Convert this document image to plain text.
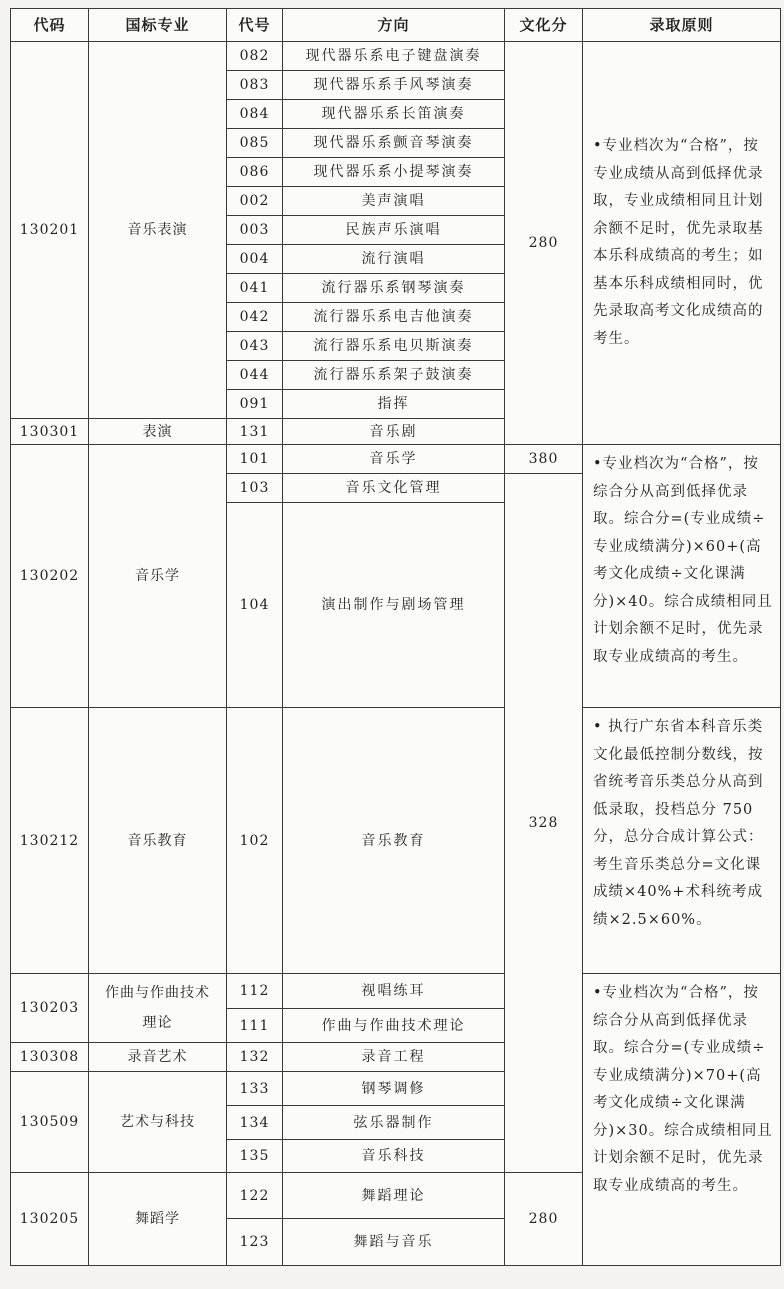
代码	国标专业	代号	方向	文化分	录取原则
130201	音乐表演	082	现代器乐系电子键盘演奏	280	•专业档次为“合格”，按专业成绩从高到低择优录取，专业成绩相同且计划余额不足时，优先录取基本乐科成绩高的考生；如基本乐科成绩相同时，优先录取高考文化成绩高的考生。
		083	现代器乐系手风琴演奏		
		084	现代器乐系长笛演奏		
		085	现代器乐系颤音琴演奏		
		086	现代器乐系小提琴演奏		
		002	美声演唱		
		003	民族声乐演唱		
		004	流行演唱		
		041	流行器乐系钢琴演奏		
		042	流行器乐系电吉他演奏		
		043	流行器乐系电贝斯演奏		
		044	流行器乐系架子鼓演奏		
		091	指挥		
130301	表演	131	音乐剧		
130202	音乐学	101	音乐学	380	•专业档次为“合格”，按综合分从高到低择优录取。综合分=(专业成绩÷专业成绩满分)×60+(高考文化成绩÷文化课满分)×40。综合成绩相同且计划余额不足时，优先录取专业成绩高的考生。
		103	音乐文化管理	328	
		104	演出制作与剧场管理		
130212	音乐教育	102	音乐教育		• 执行广东省本科音乐类文化最低控制分数线，按省统考音乐类总分从高到低录取，投档总分 750 分，总分合成计算公式：考生音乐类总分=文化课成绩×40%+术科统考成绩×2.5×60%。
130203	作曲与作曲技术理论	112	视唱练耳		•专业档次为“合格”，按综合分从高到低择优录取。综合分=(专业成绩÷专业成绩满分)×70+(高考文化成绩÷文化课满分)×30。综合成绩相同且计划余额不足时，优先录取专业成绩高的考生。
		111	作曲与作曲技术理论		
130308	录音艺术	132	录音工程		
130509	艺术与科技	133	钢琴调修		
		134	弦乐器制作		
		135	音乐科技		
130205	舞蹈学	122	舞蹈理论	280	
		123	舞蹈与音乐		
